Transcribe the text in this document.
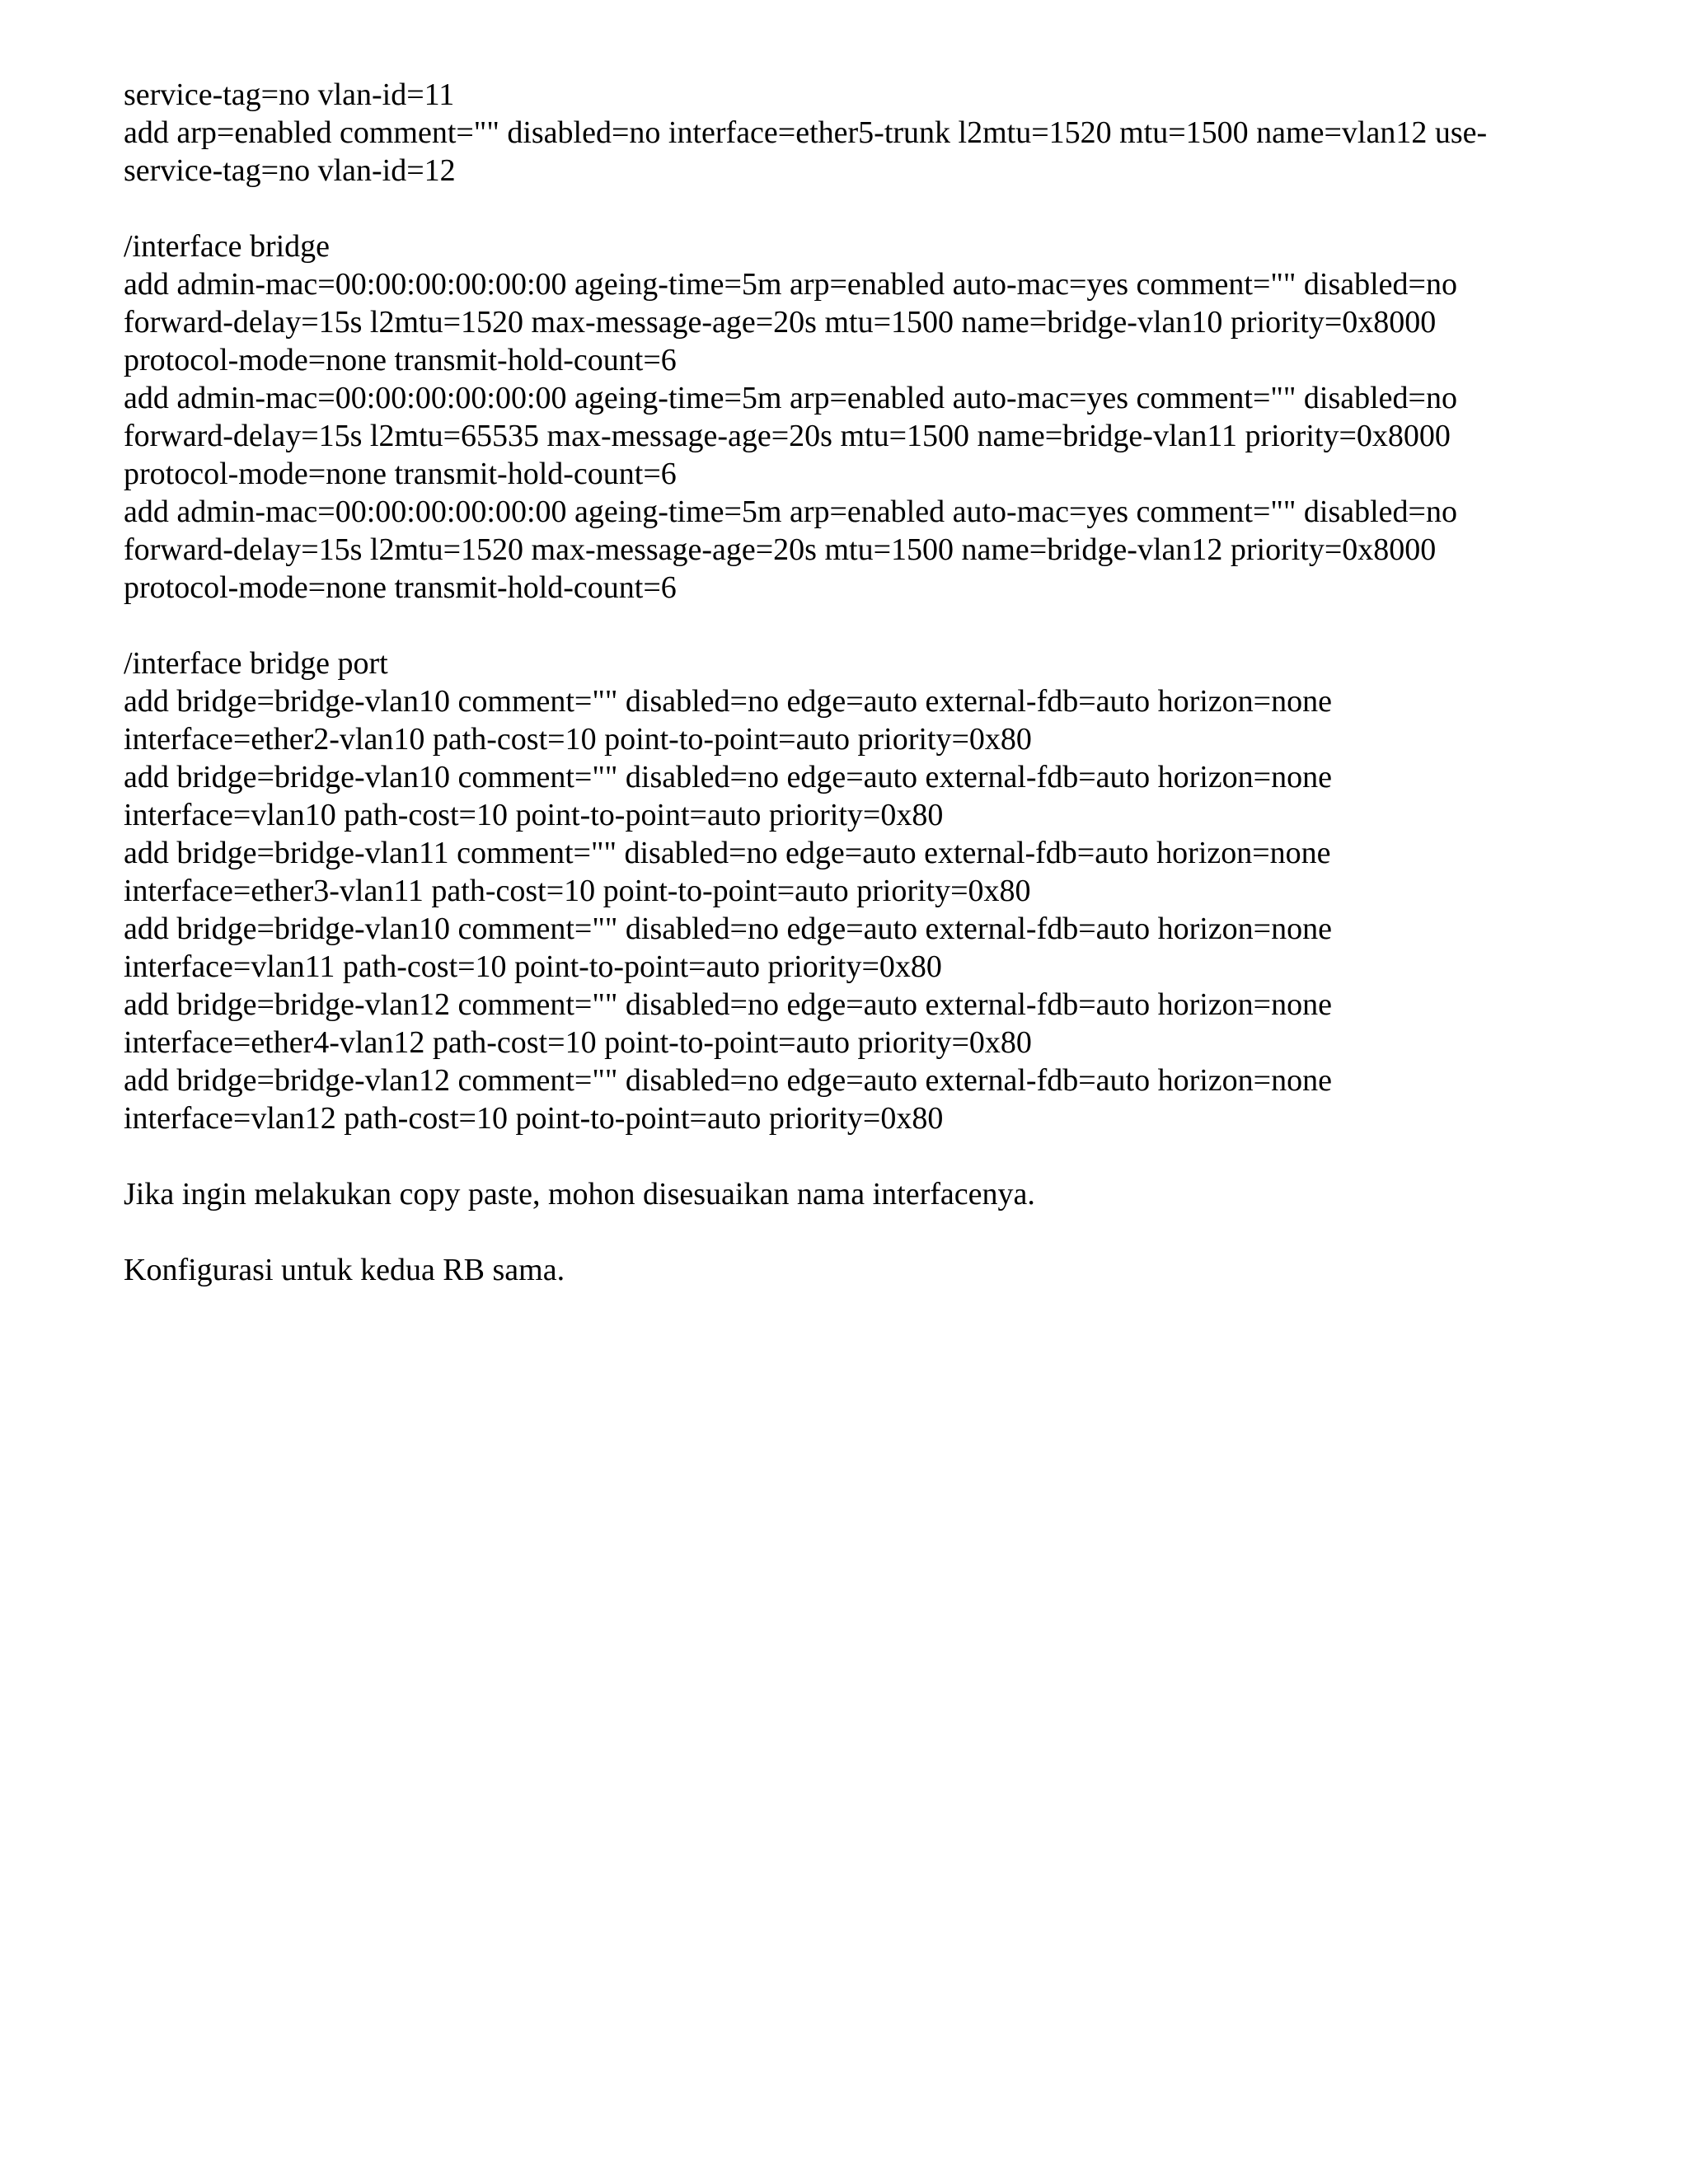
service-tag=no vlan-id=11
add arp=enabled comment="" disabled=no interface=ether5-trunk l2mtu=1520 mtu=1500 name=vlan12 use-
service-tag=no vlan-id=12
/interface bridge
add admin-mac=00:00:00:00:00:00 ageing-time=5m arp=enabled auto-mac=yes comment="" disabled=no
forward-delay=15s l2mtu=1520 max-message-age=20s mtu=1500 name=bridge-vlan10 priority=0x8000
protocol-mode=none transmit-hold-count=6
add admin-mac=00:00:00:00:00:00 ageing-time=5m arp=enabled auto-mac=yes comment="" disabled=no
forward-delay=15s l2mtu=65535 max-message-age=20s mtu=1500 name=bridge-vlan11 priority=0x8000
protocol-mode=none transmit-hold-count=6
add admin-mac=00:00:00:00:00:00 ageing-time=5m arp=enabled auto-mac=yes comment="" disabled=no
forward-delay=15s l2mtu=1520 max-message-age=20s mtu=1500 name=bridge-vlan12 priority=0x8000
protocol-mode=none transmit-hold-count=6
/interface bridge port
add bridge=bridge-vlan10 comment="" disabled=no edge=auto external-fdb=auto horizon=none
interface=ether2-vlan10 path-cost=10 point-to-point=auto priority=0x80
add bridge=bridge-vlan10 comment="" disabled=no edge=auto external-fdb=auto horizon=none
interface=vlan10 path-cost=10 point-to-point=auto priority=0x80
add bridge=bridge-vlan11 comment="" disabled=no edge=auto external-fdb=auto horizon=none
interface=ether3-vlan11 path-cost=10 point-to-point=auto priority=0x80
add bridge=bridge-vlan10 comment="" disabled=no edge=auto external-fdb=auto horizon=none
interface=vlan11 path-cost=10 point-to-point=auto priority=0x80
add bridge=bridge-vlan12 comment="" disabled=no edge=auto external-fdb=auto horizon=none
interface=ether4-vlan12 path-cost=10 point-to-point=auto priority=0x80
add bridge=bridge-vlan12 comment="" disabled=no edge=auto external-fdb=auto horizon=none
interface=vlan12 path-cost=10 point-to-point=auto priority=0x80

Jika ingin melakukan copy paste, mohon disesuaikan nama interfacenya.

Konfigurasi untuk kedua RB sama.
